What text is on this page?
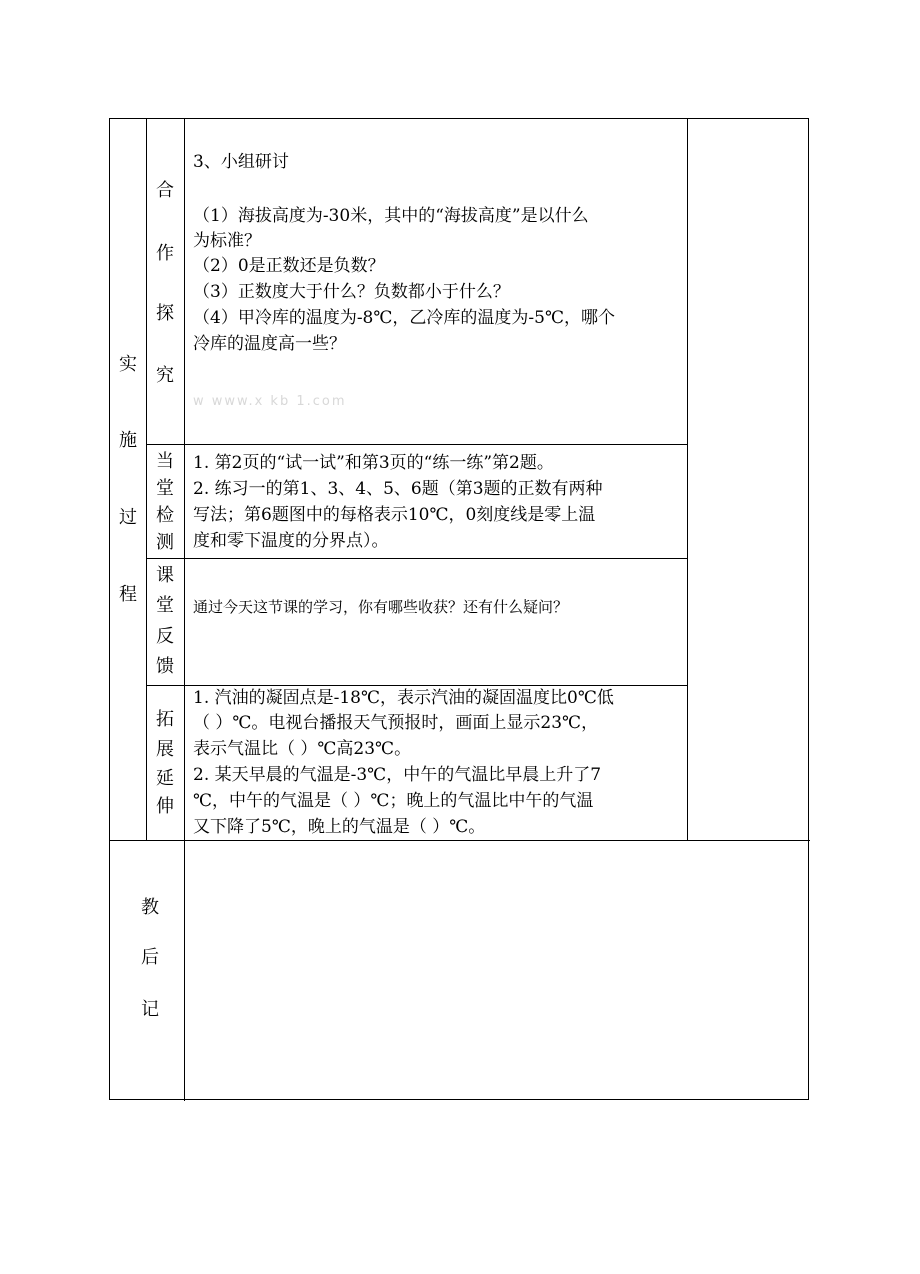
实
施
过
程
合
作
探
究
3、小组研讨
（1）海拔高度为-30米，其中的“海拔高度”是以什么
为标准？
（2）0是正数还是负数？
（3）正数度大于什么？负数都小于什么？
（4）甲冷库的温度为-8℃，乙冷库的温度为-5℃，哪个
冷库的温度高一些？
w www.x kb 1.com
当
堂
检
测
1. 第2页的“试一试”和第3页的“练一练”第2题。
2. 练习一的第1、3、4、5、6题（第3题的正数有两种
写法；第6题图中的每格表示10℃，0刻度线是零上温
度和零下温度的分界点）。
课
堂
反
馈
通过今天这节课的学习，你有哪些收获？还有什么疑问？
拓
展
延
伸
1. 汽油的凝固点是-18℃，表示汽油的凝固温度比0℃低
（ ）℃。电视台播报天气预报时，画面上显示23℃，
表示气温比（ ）℃高23℃。
2. 某天早晨的气温是-3℃，中午的气温比早晨上升了7
℃，中午的气温是（ ）℃；晚上的气温比中午的气温
又下降了5℃，晚上的气温是（ ）℃。
教
后
记
